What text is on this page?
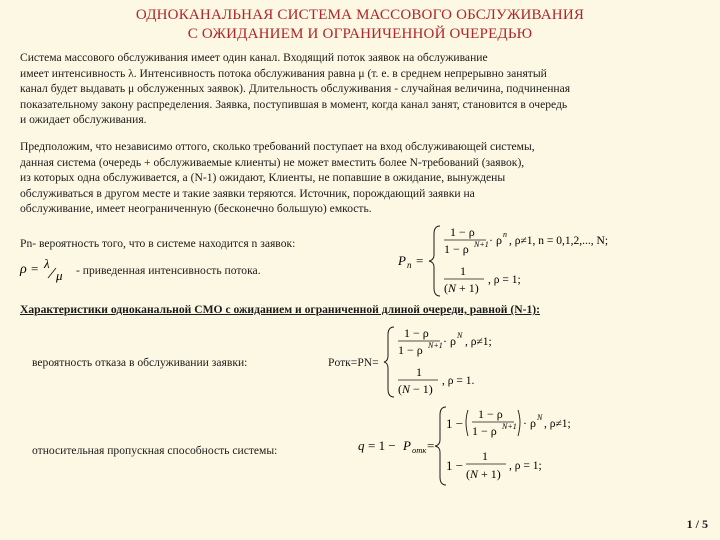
ОДНОКАНАЛЬНАЯ СИСТЕМА МАССОВОГО ОБСЛУЖИВАНИЯ
С ОЖИДАНИЕМ И ОГРАНИЧЕННОЙ ОЧЕРЕДЬЮ
Система массового обслуживания имеет один канал. Входящий поток заявок на обслуживание
имеет интенсивность λ. Интенсивность потока обслуживания равна μ (т. е. в среднем непрерывно занятый
канал будет выдавать μ обслуженных заявок). Длительность обслуживания - случайная величина, подчиненная
показательному закону распределения. Заявка, поступившая в момент, когда канал занят, становится в очередь
и ожидает обслуживания.
Предположим, что независимо оттого, сколько требований поступает на вход обслуживающей системы,
данная система (очередь + обслуживаемые клиенты) не может вместить более N-требований (заявок),
из которых одна обслуживается, а (N-1) ожидают, Клиенты, не попавшие в ожидание, вынуждены
обслуживаться в другом месте и такие заявки теряются. Источник, порождающий заявки на
обслуживание, имеет неограниченную (бесконечно большую) емкость.
Pn- вероятность того, что в системе находится n заявок:
ρ = λ
μ - приведенная интенсивность потока.
P n =
1 − ρ
1 − ρ N+1 · ρ n
, ρ≠1, n = 0,1,2,..., N;
1
(N + 1)
, ρ = 1;
Характеристики одноканальной СМО с ожиданием и ограниченной длиной очереди, равной (N-1):
вероятность отказа в обслуживании заявки:	Pотк=PN=
1 − ρ
1 − ρ N+1 · ρ N
, ρ≠1;
1
(N − 1)
, ρ = 1.
относительная пропускная способность системы:	q = 1 − P отк =
1 −
1 − ρ
1 − ρ N+1 · ρ N
, ρ≠1;
1 −
1
(N + 1)
, ρ = 1;
1 / 5
